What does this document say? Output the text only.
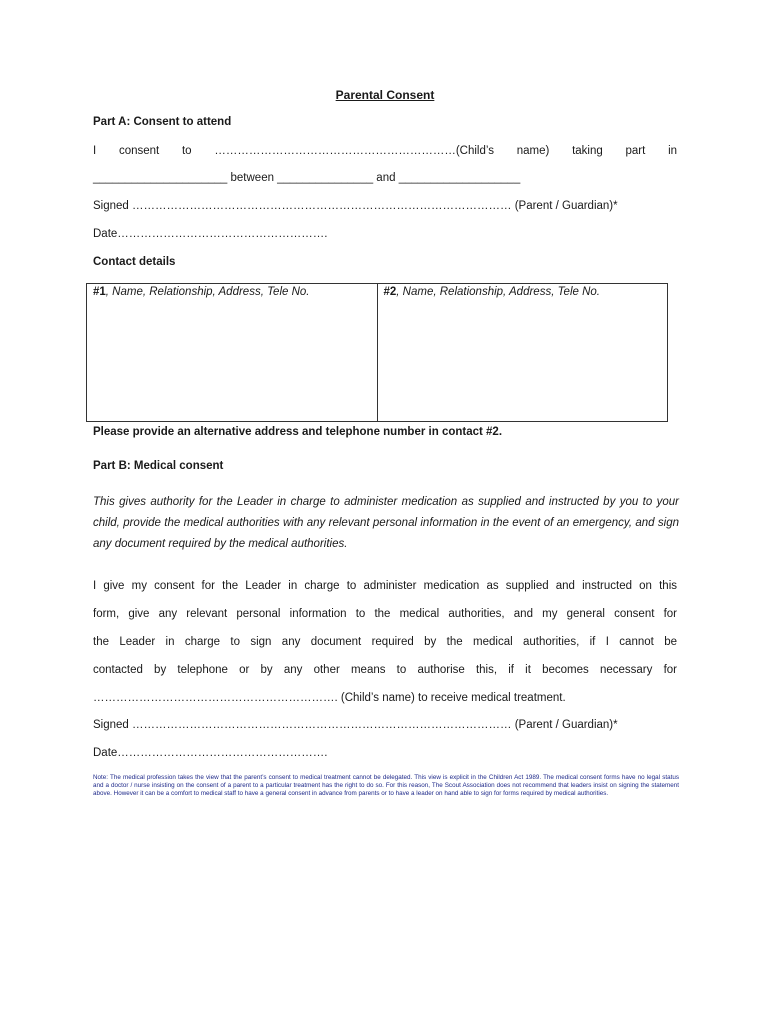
Parental Consent
Part A: Consent to attend
I consent to ………………………………………………………(Child’s name) taking part in
_____________________ between _______________ and ___________________
Signed ……………………………………………………………………………………… (Parent / Guardian)*
Date……………………………………………….
Contact details
#1, Name, Relationship, Address, Tele No.	#2, Name, Relationship, Address, Tele No.
Please provide an alternative address and telephone number in contact #2.
Part B: Medical consent
This gives authority for the Leader in charge to administer medication as supplied and instructed by you to your child, provide the medical authorities with any relevant personal information in the event of an emergency, and sign any document required by the medical authorities.
I give my consent for the Leader in charge to administer medication as supplied and instructed on this
form, give any relevant personal information to the medical authorities, and my general consent for
the Leader in charge to sign any document required by the medical authorities, if I cannot be
contacted by telephone or by any other means to authorise this, if it becomes necessary for
………………………………………………………. (Child’s name) to receive medical treatment.
Signed ……………………………………………………………………………………… (Parent / Guardian)*
Date……………………………………………….
Note: The medical profession takes the view that the parent’s consent to medical treatment cannot be delegated. This view is explicit in the Children Act 1989. The medical consent forms have no legal status and a doctor / nurse insisting on the consent of a parent to a particular treatment has the right to do so. For this reason, The Scout Association does not recommend that leaders insist on signing the statement above. However it can be a comfort to medical staff to have a general consent in advance from parents or to have a leader on hand able to sign for forms required by medical authorities.
